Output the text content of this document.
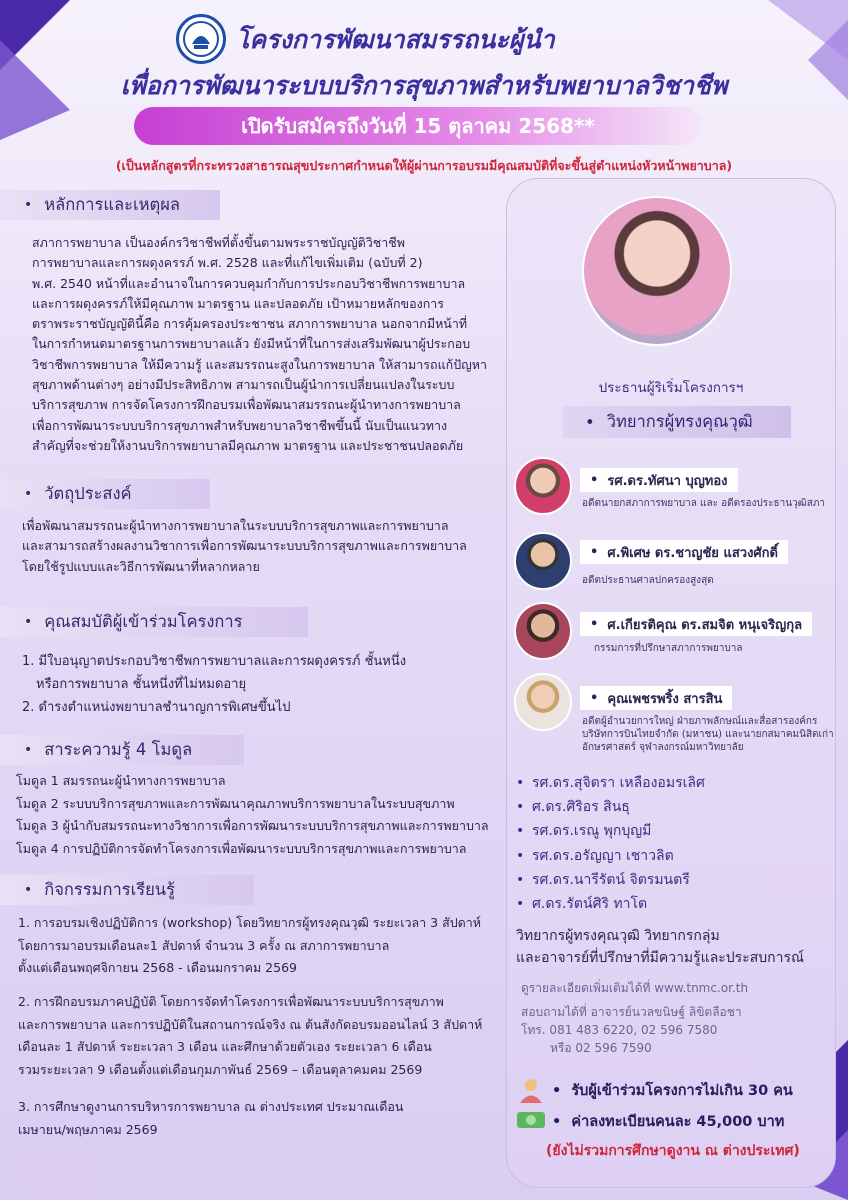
โครงการพัฒนาสมรรถนะผู้นำ
เพื่อการพัฒนาระบบบริการสุขภาพสำหรับพยาบาลวิชาชีพ
เปิดรับสมัครถึงวันที่ 15 ตุลาคม 2568**
(เป็นหลักสูตรที่กระทรวงสาธารณสุขประกาศกำหนดให้ผู้ผ่านการอบรมมีคุณสมบัติที่จะขึ้นสู่ตำแหน่งหัวหน้าพยาบาล)
• หลักการและเหตุผล
สภาการพยาบาล เป็นองค์กรวิชาชีพที่ตั้งขึ้นตามพระราชบัญญัติวิชาชีพ
การพยาบาลและการผดุงครรภ์ พ.ศ. 2528 และที่แก้ไขเพิ่มเติม (ฉบับที่ 2)
พ.ศ. 2540 หน้าที่และอำนาจในการควบคุมกำกับการประกอบวิชาชีพการพยาบาล
และการผดุงครรภ์ให้มีคุณภาพ มาตรฐาน และปลอดภัย เป้าหมายหลักของการ
ตราพระราชบัญญัตินี้คือ การคุ้มครองประชาชน สภาการพยาบาล นอกจากมีหน้าที่
ในการกำหนดมาตรฐานการพยาบาลแล้ว ยังมีหน้าที่ในการส่งเสริมพัฒนาผู้ประกอบ
วิชาชีพการพยาบาล ให้มีความรู้ และสมรรถนะสูงในการพยาบาล ให้สามารถแก้ปัญหา
สุขภาพด้านต่างๆ อย่างมีประสิทธิภาพ สามารถเป็นผู้นำการเปลี่ยนแปลงในระบบ
บริการสุขภาพ การจัดโครงการฝึกอบรมเพื่อพัฒนาสมรรถนะผู้นำทางการพยาบาล
เพื่อการพัฒนาระบบบริการสุขภาพสำหรับพยาบาลวิชาชีพขึ้นนี้ นับเป็นแนวทาง
สำคัญที่จะช่วยให้งานบริการพยาบาลมีคุณภาพ มาตรฐาน และประชาชนปลอดภัย
• วัตถุประสงค์
เพื่อพัฒนาสมรรถนะผู้นำทางการพยาบาลในระบบบริการสุขภาพและการพยาบาล
และสามารถสร้างผลงานวิชาการเพื่อการพัฒนาระบบบริการสุขภาพและการพยาบาล
โดยใช้รูปแบบและวิธีการพัฒนาที่หลากหลาย
• คุณสมบัติผู้เข้าร่วมโครงการ
1. มีใบอนุญาตประกอบวิชาชีพการพยาบาลและการผดุงครรภ์ ชั้นหนึ่ง
หรือการพยาบาล ชั้นหนึ่งที่ไม่หมดอายุ
2. ดำรงตำแหน่งพยาบาลชำนาญการพิเศษขึ้นไป
• สาระความรู้ 4 โมดูล
โมดูล 1 สมรรถนะผู้นำทางการพยาบาล
โมดูล 2 ระบบบริการสุขภาพและการพัฒนาคุณภาพบริการพยาบาลในระบบสุขภาพ
โมดูล 3 ผู้นำกับสมรรถนะทางวิชาการเพื่อการพัฒนาระบบบริการสุขภาพและการพยาบาล
โมดูล 4 การปฏิบัติการจัดทำโครงการเพื่อพัฒนาระบบบริการสุขภาพและการพยาบาล
• กิจกรรมการเรียนรู้
1. การอบรมเชิงปฏิบัติการ (workshop) โดยวิทยากรผู้ทรงคุณวุฒิ ระยะเวลา 3 สัปดาห์
โดยการมาอบรมเดือนละ1 สัปดาห์ จำนวน 3 ครั้ง ณ สภาการพยาบาล
ตั้งแต่เดือนพฤศจิกายน 2568 - เดือนมกราคม 2569
2. การฝึกอบรมภาคปฏิบัติ โดยการจัดทำโครงการเพื่อพัฒนาระบบบริการสุขภาพ
และการพยาบาล และการปฏิบัติในสถานการณ์จริง ณ ต้นสังกัดอบรมออนไลน์ 3 สัปดาห์
เดือนละ 1 สัปดาห์ ระยะเวลา 3 เดือน และศึกษาด้วยตัวเอง ระยะเวลา 6 เดือน
รวมระยะเวลา 9 เดือนตั้งแต่เดือนกุมภาพันธ์ 2569 – เดือนตุลาคมคม 2569
3. การศึกษาดูงานการบริหารการพยาบาล ณ ต่างประเทศ ประมาณเดือน
เมษายน/พฤษภาคม 2569
ประธานผู้ริเริ่มโครงการฯ
• วิทยากรผู้ทรงคุณวุฒิ
• รศ.ดร.ทัศนา บุญทอง
อดีตนายกสภาการพยาบาล และ อดีตรองประธานวุฒิสภา
• ศ.พิเศษ ดร.ชาญชัย แสวงศักดิ์
อดีตประธานศาลปกครองสูงสุด
• ศ.เกียรติคุณ ดร.สมจิต หนุเจริญกุล
กรรมการที่ปรึกษาสภาการพยาบาล
• คุณเพชรพริ้ง สารสิน
อดีตผู้อำนวยการใหญ่ ฝ่ายภาพลักษณ์และสื่อสารองค์กร
บริษัทการบินไทยจำกัด (มหาชน) และนายกสมาคมนิสิตเก่า
อักษรศาสตร์ จุฬาลงกรณ์มหาวิทยาลัย
• รศ.ดร.สุจิตรา เหลืองอมรเลิศ
• ศ.ดร.ศิริอร สินธุ
• รศ.ดร.เรณู พุกบุญมี
• รศ.ดร.อรัญญา เชาวลิต
• รศ.ดร.นารีรัตน์ จิตรมนตรี
• ศ.ดร.รัตน์ศิริ ทาโต
วิทยากรผู้ทรงคุณวุฒิ วิทยากรกลุ่ม
และอาจารย์ที่ปรึกษาที่มีความรู้และประสบการณ์
ดูรายละเอียดเพิ่มเติมได้ที่ www.tnmc.or.th
สอบถามได้ที่ อาจารย์นวลขนิษฐ์ ลิขิตลือชา
โทร. 081 483 6220, 02 596 7580
หรือ 02 596 7590
•  รับผู้เข้าร่วมโครงการไม่เกิน 30 คน
•  ค่าลงทะเบียนคนละ 45,000 บาท
(ยังไม่รวมการศึกษาดูงาน ณ ต่างประเทศ)
